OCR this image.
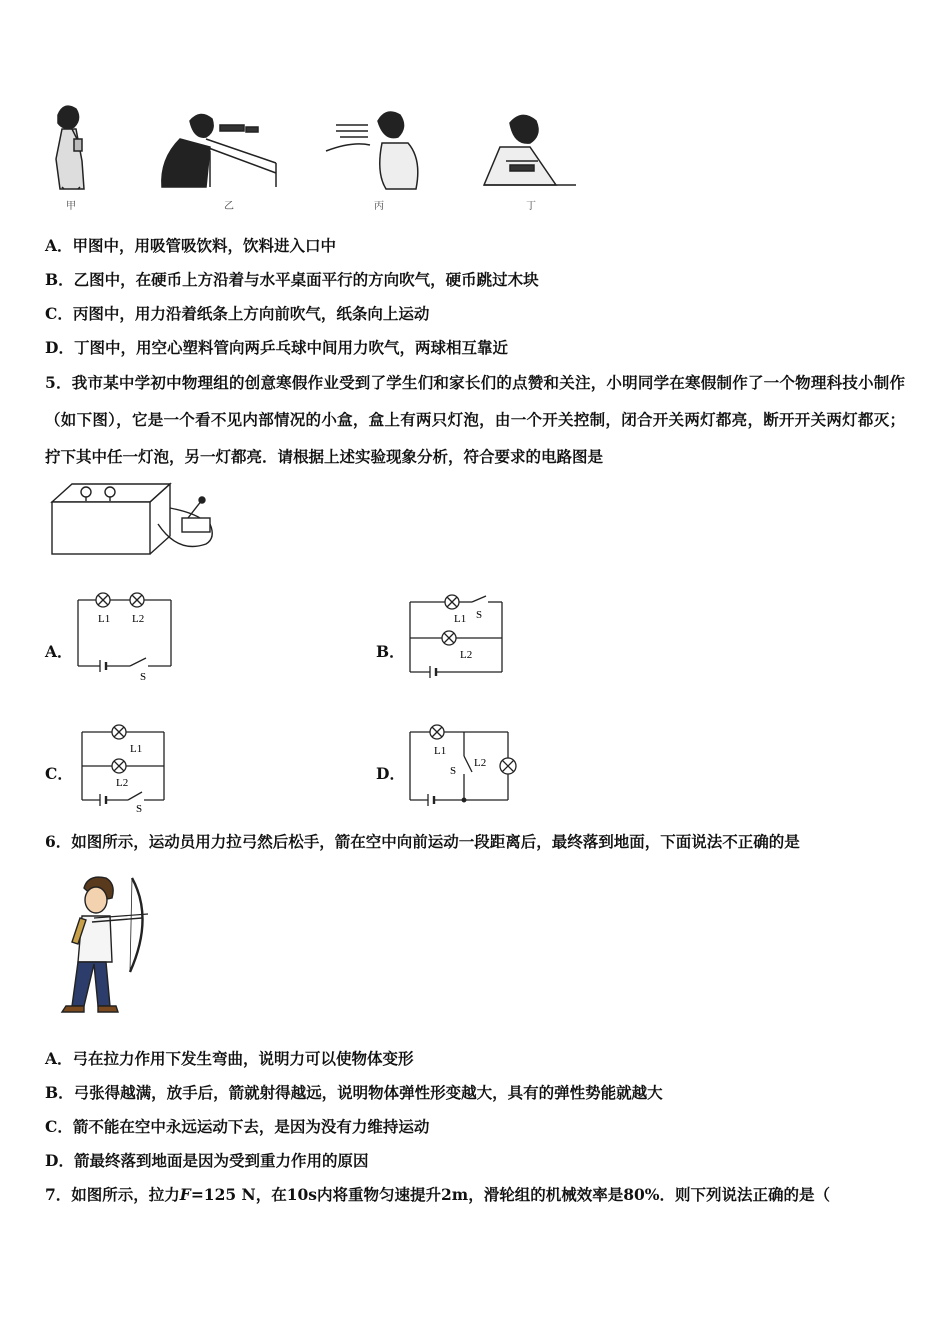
甲	乙	丙	丁
A．甲图中，用吸管吸饮料，饮料进入口中
B．乙图中，在硬币上方沿着与水平桌面平行的方向吹气，硬币跳过木块
C．丙图中，用力沿着纸条上方向前吹气，纸条向上运动
D．丁图中，用空心塑料管向两乒乓球中间用力吹气，两球相互靠近
5．我市某中学初中物理组的创意寒假作业受到了学生们和家长们的点赞和关注，小明同学在寒假制作了一个物理科技小制作（如下图），它是一个看不见内部情况的小盒，盒上有两只灯泡，由一个开关控制，闭合开关两灯都亮，断开开关两灯都灭；拧下其中任一灯泡，另一灯都亮．请根据上述实验现象分析，符合要求的电路图是
A．
L1 L2
S
B．
L1 S
L2
C．
L1
L2
S
D．
L1
S
L2
6．如图所示，运动员用力拉弓然后松手，箭在空中向前运动一段距离后，最终落到地面，下面说法不正确的是
A．弓在拉力作用下发生弯曲，说明力可以使物体变形
B．弓张得越满，放手后，箭就射得越远，说明物体弹性形变越大，具有的弹性势能就越大
C．箭不能在空中永远运动下去，是因为没有力维持运动
D．箭最终落到地面是因为受到重力作用的原因
7．如图所示，拉力F=125 N，在10s内将重物匀速提升2m，滑轮组的机械效率是80%．则下列说法正确的是（
